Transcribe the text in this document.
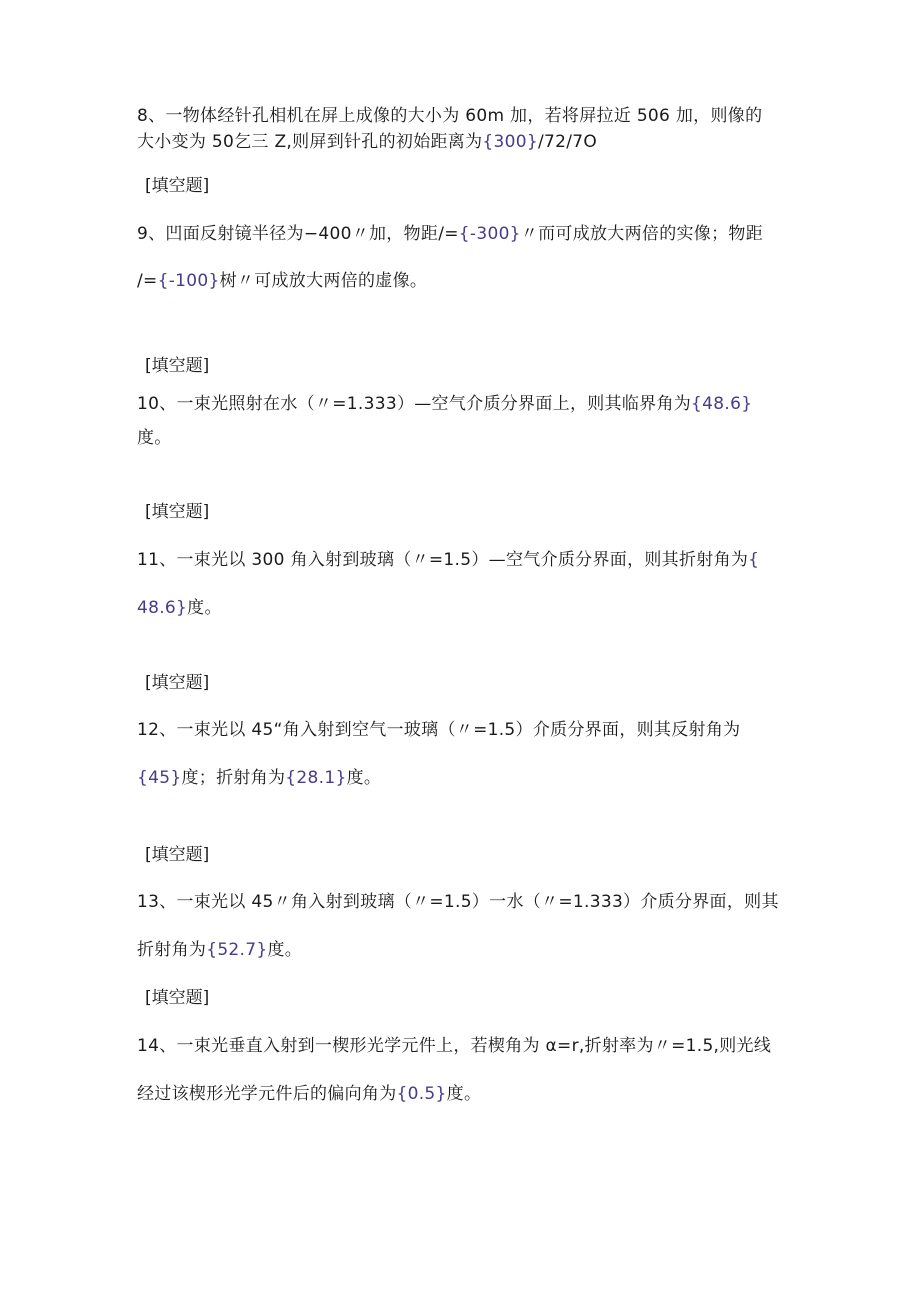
8、一物体经针孔相机在屏上成像的大小为 60m 加，若将屏拉近 506 加，则像的
大小变为 50乞三 Z,则屏到针孔的初始距离为{300}/72/7O
[填空题]
9、凹面反射镜半径为−400〃加，物距/={-300}〃而可成放大两倍的实像；物距
/={-100}树〃可成放大两倍的虚像。
[填空题]
10、一束光照射在水（〃=1.333）—空气介质分界面上，则其临界角为{48.6}
度。
[填空题]
11、一束光以 300 角入射到玻璃（〃=1.5）—空气介质分界面，则其折射角为{
48.6}度。
[填空题]
12、一束光以 45“角入射到空气一玻璃（〃=1.5）介质分界面，则其反射角为
{45}度；折射角为{28.1}度。
[填空题]
13、一束光以 45〃角入射到玻璃（〃=1.5）一水（〃=1.333）介质分界面，则其
折射角为{52.7}度。
[填空题]
14、一束光垂直入射到一楔形光学元件上，若楔角为 α=r,折射率为〃=1.5,则光线
经过该楔形光学元件后的偏向角为{0.5}度。
